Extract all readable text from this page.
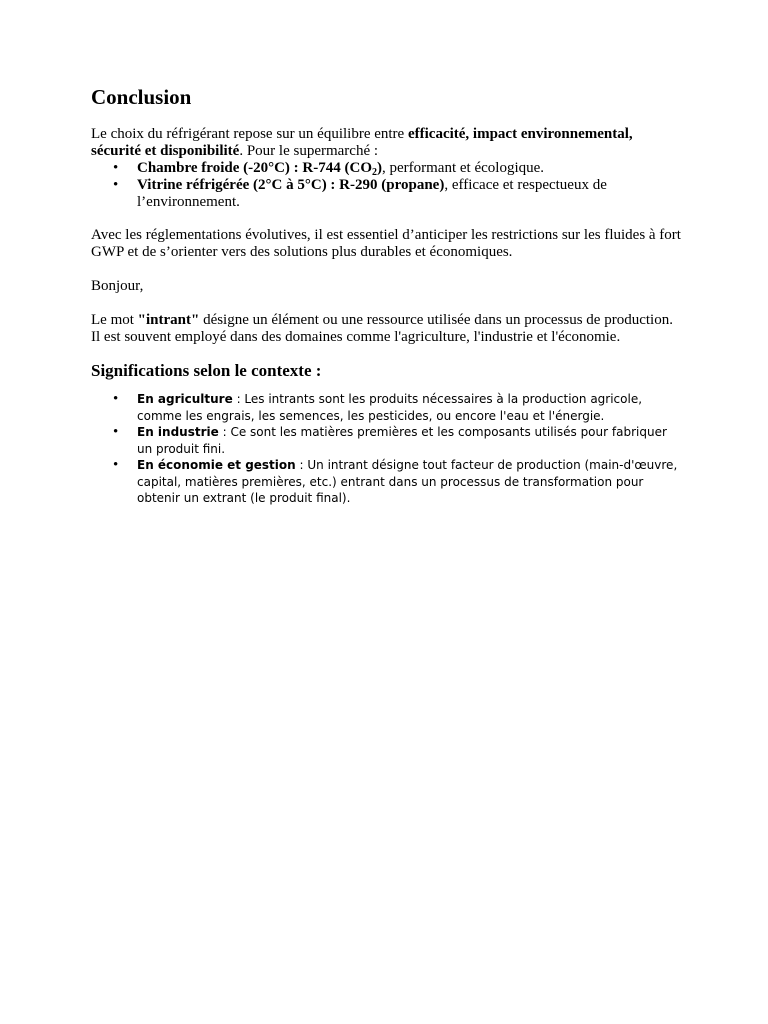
Conclusion

Le choix du réfrigérant repose sur un équilibre entre efficacité, impact environnemental, sécurité et disponibilité. Pour le supermarché :

• Chambre froide (-20°C) : R-744 $(CO_2)$, performant et écologique.
• Vitrine réfrigérée (2°C à 5°C) : R-290 (propane), efficace et respectueux de l’environnement.

Avec les réglementations évolutives, il est essentiel d’anticiper les restrictions sur les fluides à fort GWP et de s’orienter vers des solutions plus durables et économiques.

Bonjour,

Le mot "intrant" désigne un élément ou une ressource utilisée dans un processus de production. Il est souvent employé dans des domaines comme l'agriculture, l'industrie et l'économie.

Significations selon le contexte :
• En agriculture : Les intrants sont les produits nécessaires à la production agricole, comme les engrais, les semences, les pesticides, ou encore l'eau et l'énergie.
• En industrie : Ce sont les matières premières et les composants utilisés pour fabriquer un produit fini.
• En économie et gestion : Un intrant désigne tout facteur de production (main-d'œuvre, capital, matières premières, etc.) entrant dans un processus de transformation pour obtenir un extrant (le produit final).
